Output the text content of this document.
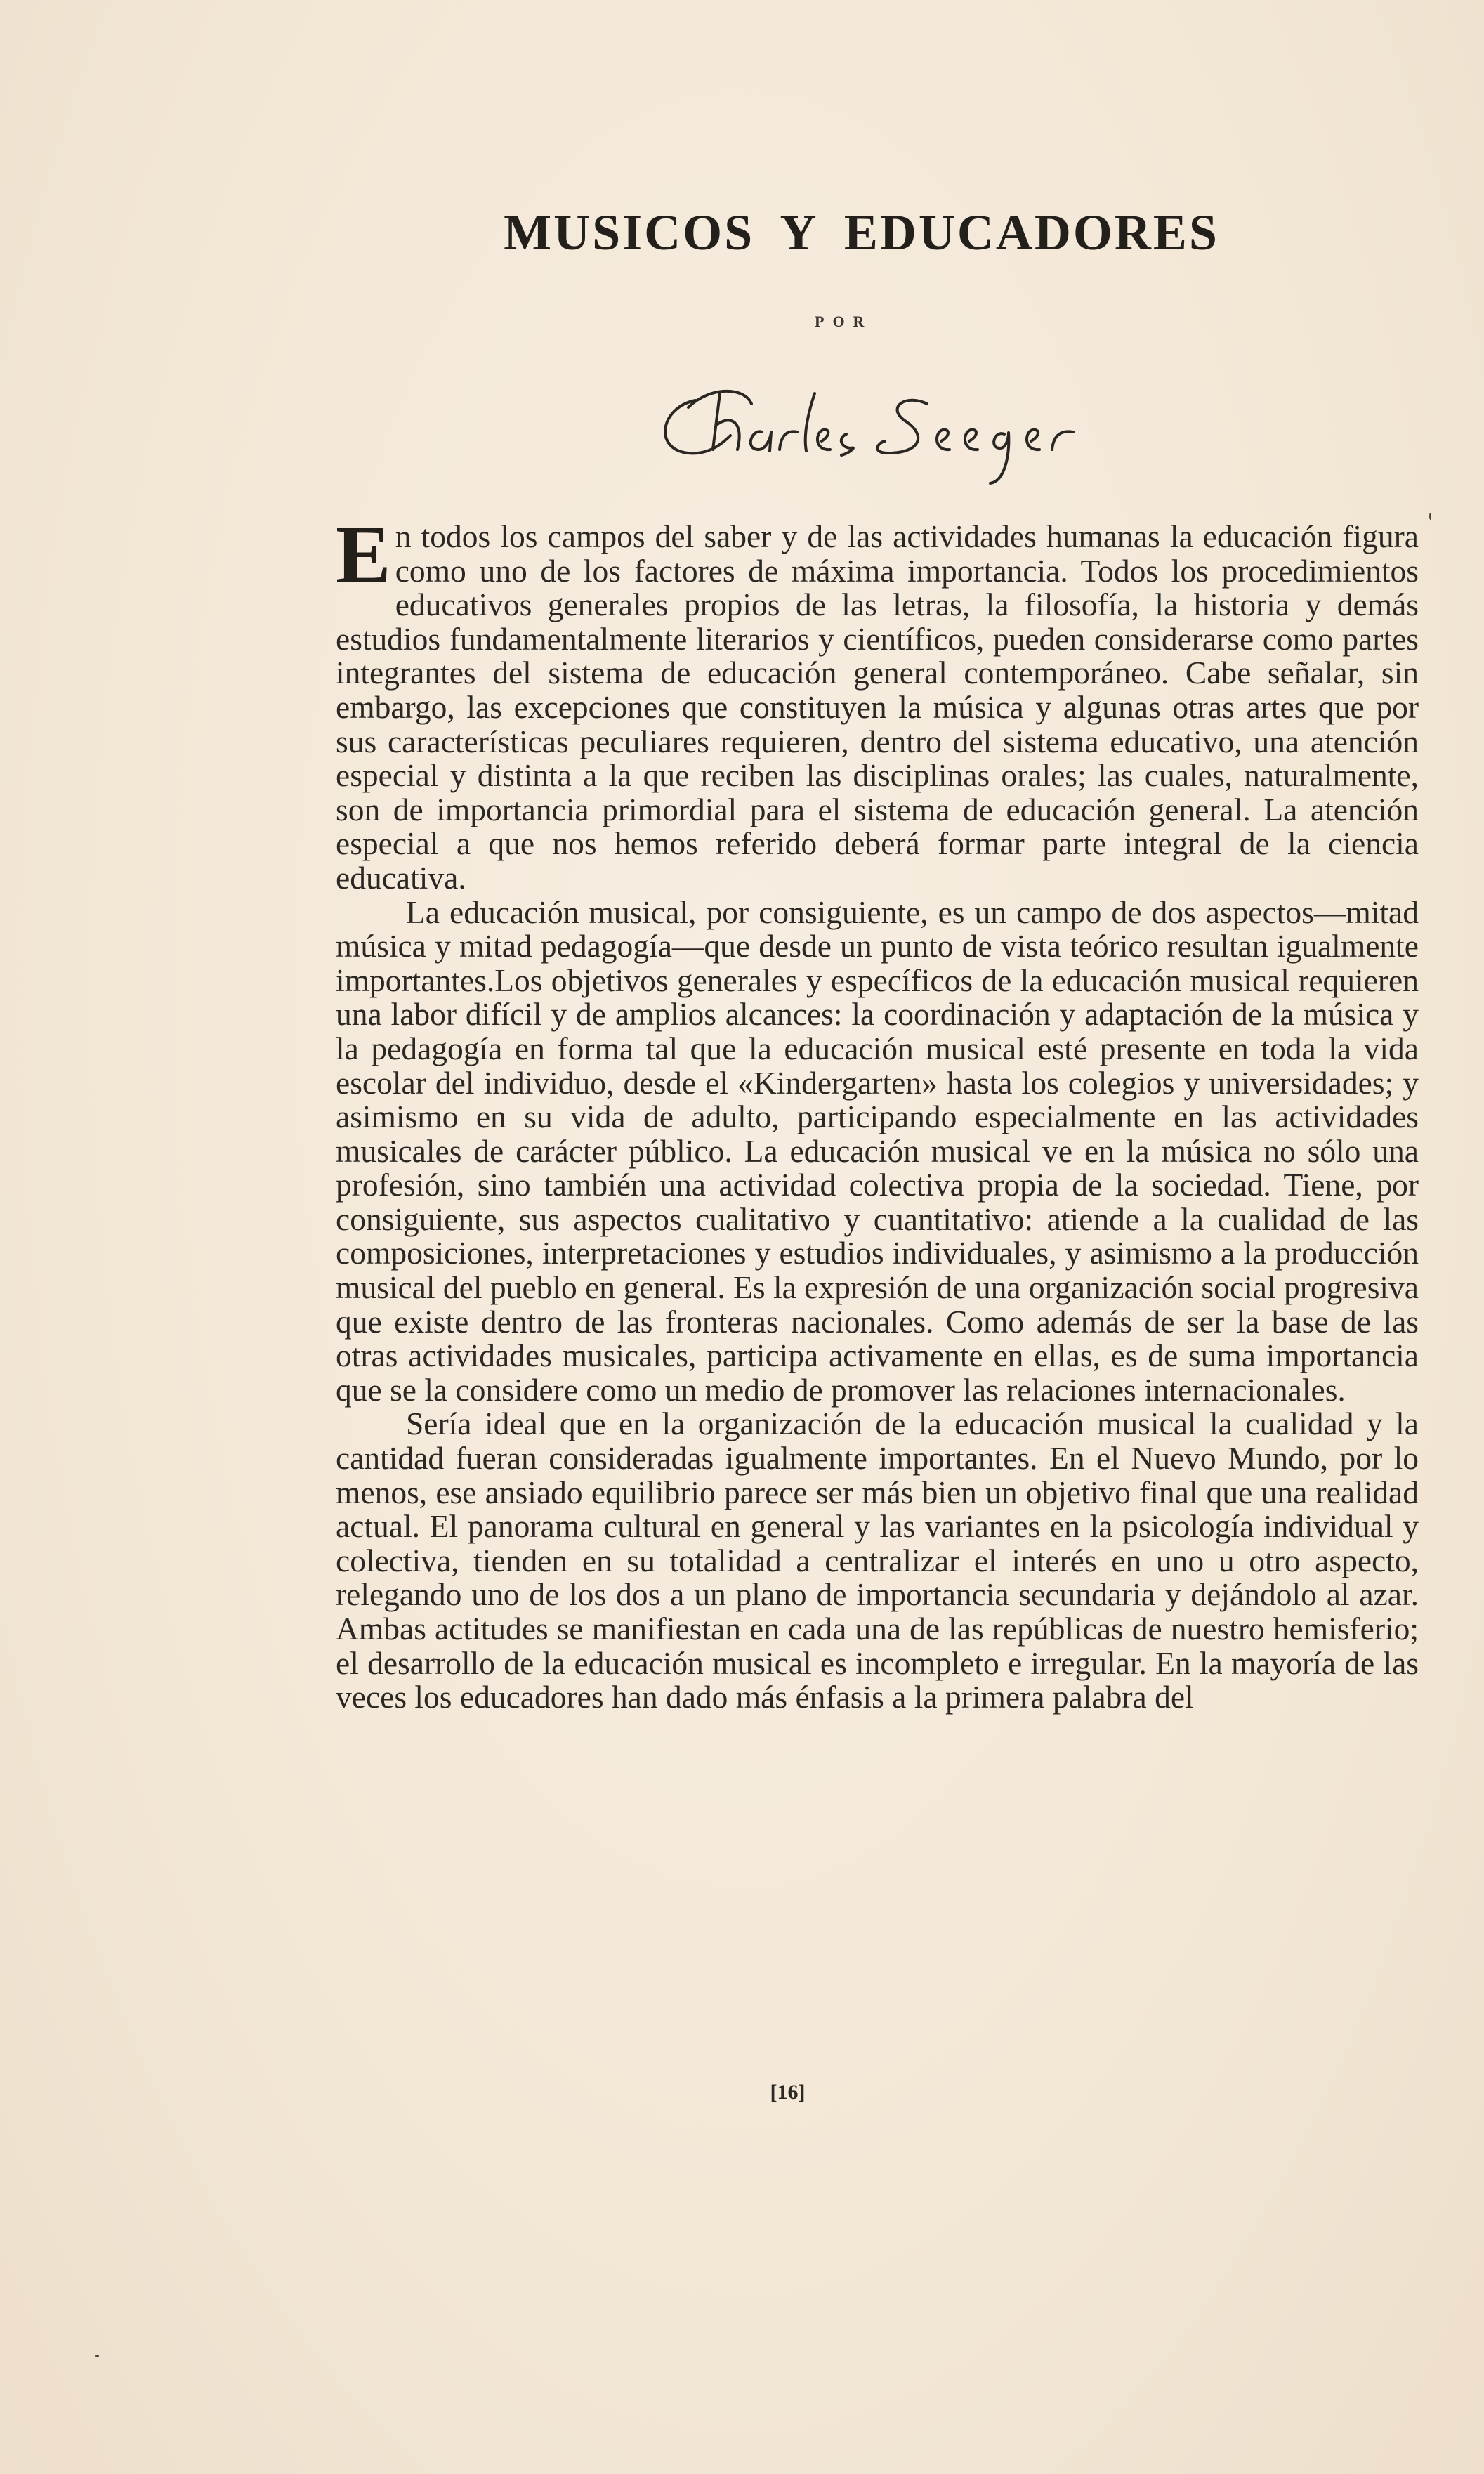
MUSICOS Y EDUCADORES
POR

En todos los campos del saber y de las actividades humanas la educación figura como uno de los factores de máxima importancia. Todos los procedimientos educativos generales propios de las letras, la filosofía, la historia y demás estudios fundamentalmente literarios y científicos, pueden considerarse como partes integrantes del sistema de educación general contemporáneo. Cabe señalar, sin embargo, las excepciones que constituyen la música y algunas otras artes que por sus características peculiares requieren, dentro del sistema educativo, una atención especial y distinta a la que reciben las disciplinas orales; las cuales, naturalmente, son de importancia primordial para el sistema de educación general. La atención especial a que nos hemos referido deberá formar parte integral de la ciencia educativa.

La educación musical, por consiguiente, es un campo de dos aspectos—mitad música y mitad pedagogía—que desde un punto de vista teórico resultan igualmente importantes.Los objetivos generales y específicos de la educación musical requieren una labor difícil y de amplios alcances: la coordinación y adaptación de la música y la pedagogía en forma tal que la educación musical esté presente en toda la vida escolar del individuo, desde el «Kindergarten» hasta los colegios y universidades; y asimismo en su vida de adulto, participando especialmente en las actividades musicales de carácter público. La educación musical ve en la música no sólo una profesión, sino también una actividad colectiva propia de la sociedad. Tiene, por consiguiente, sus aspectos cualitativo y cuantitativo: atiende a la cualidad de las composiciones, interpretaciones y estudios individuales, y asimismo a la producción musical del pueblo en general. Es la expresión de una organización social progresiva que existe dentro de las fronteras nacionales. Como además de ser la base de las otras actividades musicales, participa activamente en ellas, es de suma importancia que se la considere como un medio de promover las relaciones internacionales.

Sería ideal que en la organización de la educación musical la cualidad y la cantidad fueran consideradas igualmente importantes. En el Nuevo Mundo, por lo menos, ese ansiado equilibrio parece ser más bien un objetivo final que una realidad actual. El panorama cultural en general y las variantes en la psicología individual y colectiva, tienden en su totalidad a centralizar el interés en uno u otro aspecto, relegando uno de los dos a un plano de importancia secundaria y dejándolo al azar. Ambas actitudes se manifiestan en cada una de las repúblicas de nuestro hemisferio; el desarrollo de la educación musical es incompleto e irregular. En la mayoría de las veces los educadores han dado más énfasis a la primera palabra del

[16]
